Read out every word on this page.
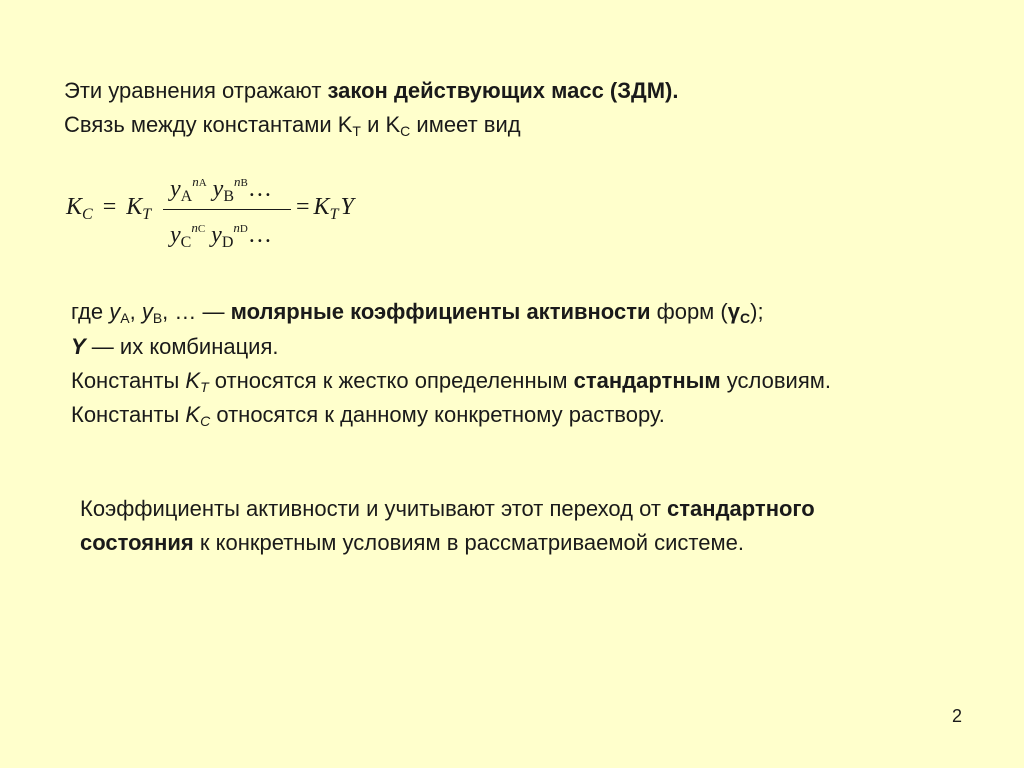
Эти уравнения отражают закон действующих масс (ЗДМ).
Связь между константами $K_T$ и $K_C$ имеет вид
$K_C = K_T$
$y_A^{nA}$ $y_B^{nB}\dots$
$y_C^{nC}$ $y_D^{nD}\dots$
= $K_TY$
где $y_A$, $y_B$, … — молярные коэффициенты активности форм $(\gamma_C)$;
Y — их комбинация.
Константы $K_T$ относятся к жестко определенным стандартным условиям.
Константы $K_C$ относятся к данному конкретному раствору.
Коэффициенты активности и учитывают этот переход от стандартного
состояния к конкретным условиям в рассматриваемой системе.
2
